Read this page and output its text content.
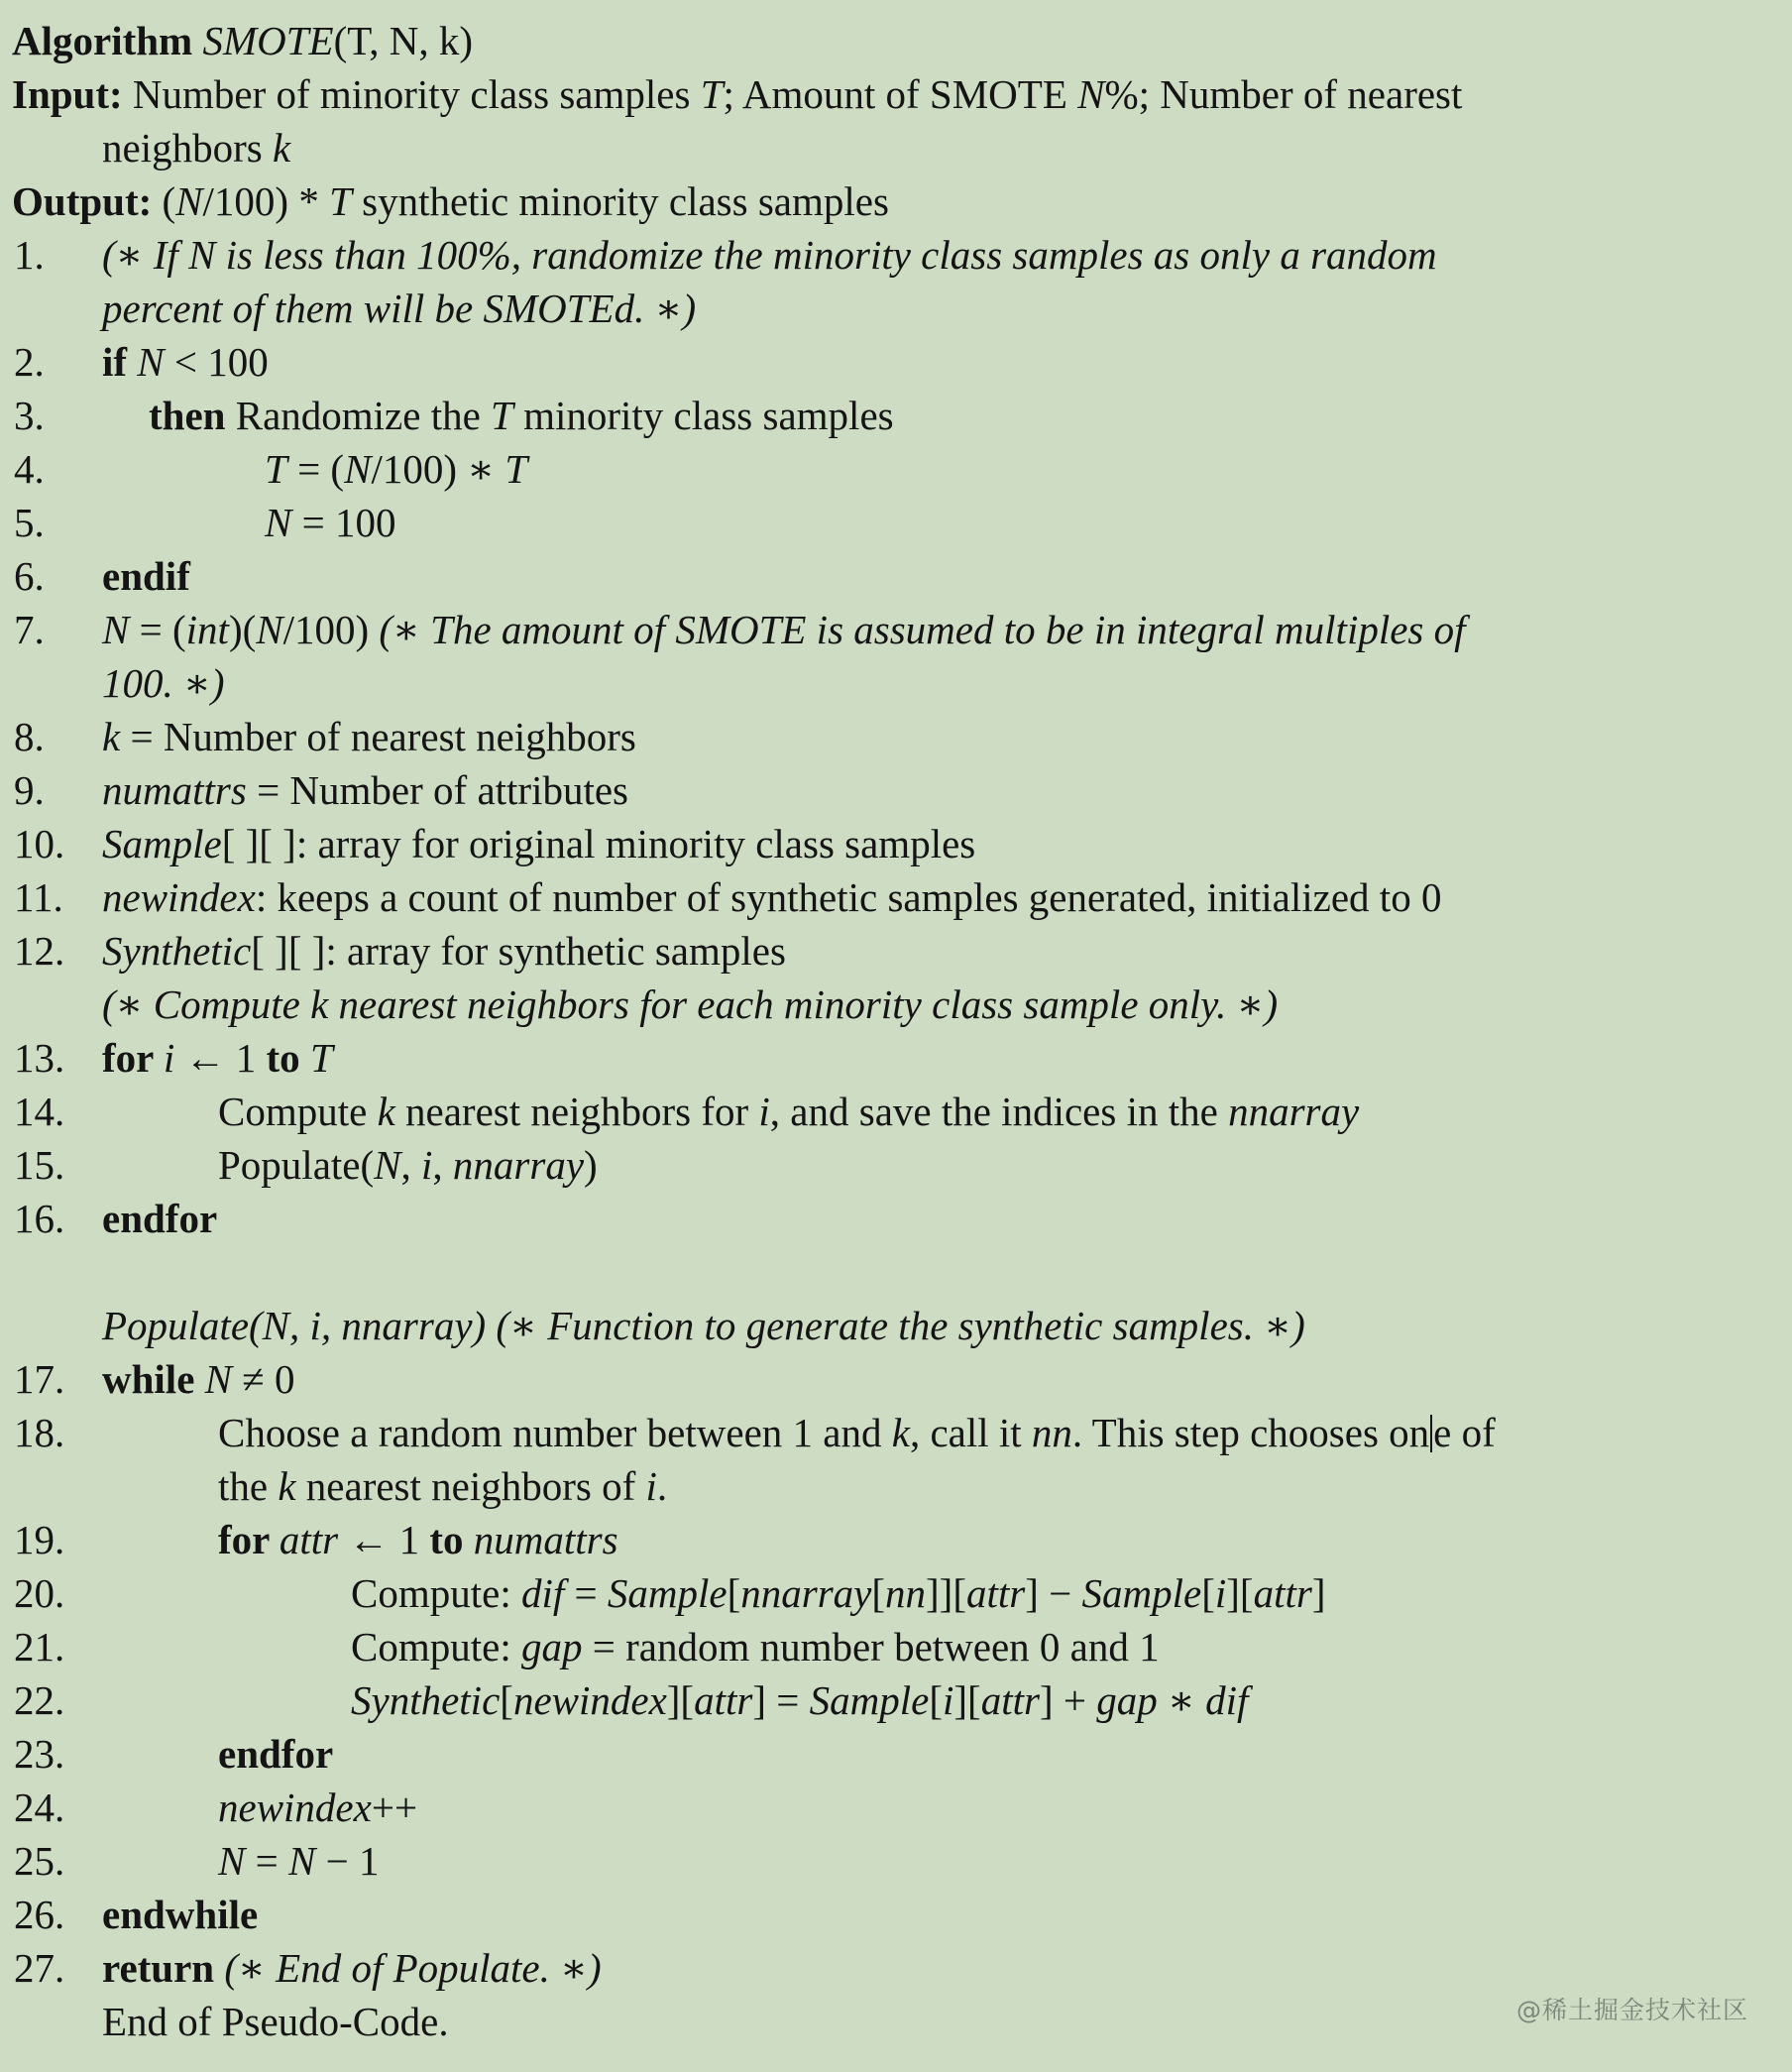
Algorithm SMOTE(T, N, k)
Input: Number of minority class samples T; Amount of SMOTE N%; Number of nearest
neighbors k
Output: (N/100) * T synthetic minority class samples
1. (∗ If N is less than 100%, randomize the minority class samples as only a random
percent of them will be SMOTEd. ∗)
2. if N < 100
3.	then Randomize the T minority class samples
4.	T = (N/100) ∗ T
5.	N = 100
6. endif
7. N = (int)(N/100) (∗ The amount of SMOTE is assumed to be in integral multiples of
100. ∗)
8. k = Number of nearest neighbors
9. numattrs = Number of attributes
10. Sample[ ][ ]: array for original minority class samples
11. newindex: keeps a count of number of synthetic samples generated, initialized to 0
12. Synthetic[ ][ ]: array for synthetic samples
(∗ Compute k nearest neighbors for each minority class sample only. ∗)
13. for i ← 1 to T
14.	Compute k nearest neighbors for i, and save the indices in the nnarray
15.	Populate(N, i, nnarray)
16. endfor
Populate(N, i, nnarray) (∗ Function to generate the synthetic samples. ∗)
17. while N ≠ 0
18.	Choose a random number between 1 and k, call it nn. This step chooses one of
the k nearest neighbors of i.
19.	for attr ← 1 to numattrs
20.	Compute: dif = Sample[nnarray[nn]][attr] − Sample[i][attr]
21.	Compute: gap = random number between 0 and 1
22.	Synthetic[newindex][attr] = Sample[i][attr] + gap ∗ dif
23.	endfor
24.	newindex++
25.	N = N − 1
26. endwhile
27. return (∗ End of Populate. ∗)
End of Pseudo-Code.	@稀土掘金技术社区
